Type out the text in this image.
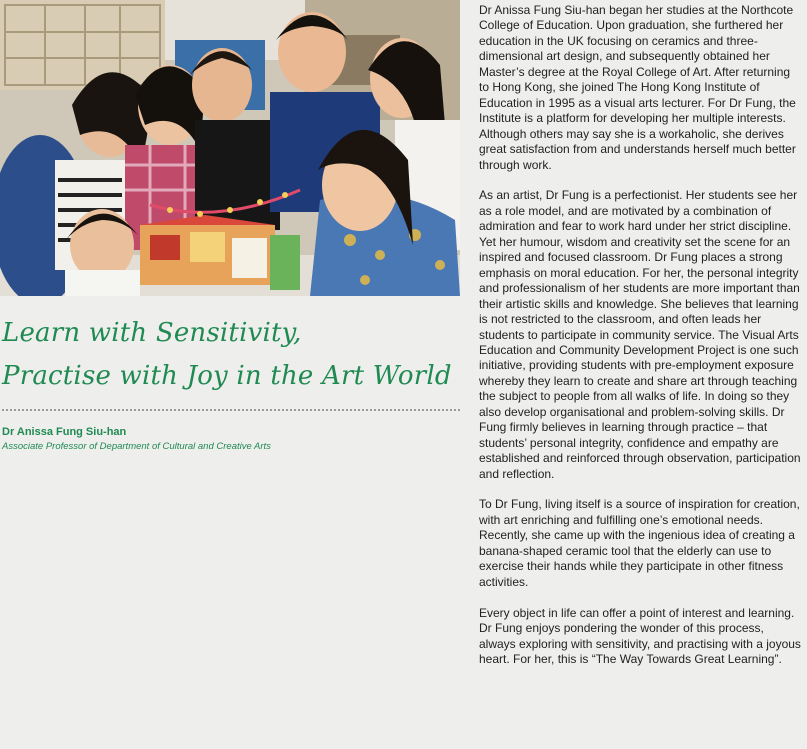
Learn with Sensitivity,
Practise with Joy in the Art World
Dr Anissa Fung Siu-han
Associate Professor of Department of Cultural and Creative Arts

Dr Anissa Fung Siu-han began her studies at the Northcote College of Education. Upon graduation, she furthered her education in the UK focusing on ceramics and three-dimensional art design, and subsequently obtained her Master’s degree at the Royal College of Art. After returning to Hong Kong, she joined The Hong Kong Institute of Education in 1995 as a visual arts lecturer. For Dr Fung, the Institute is a platform for developing her multiple interests. Although others may say she is a workaholic, she derives great satisfaction from and understands herself much better through work.

As an artist, Dr Fung is a perfectionist. Her students see her as a role model, and are motivated by a combination of admiration and fear to work hard under her strict discipline. Yet her humour, wisdom and creativity set the scene for an inspired and focused classroom. Dr Fung places a strong emphasis on moral education. For her, the personal integrity and professionalism of her students are more important than their artistic skills and knowledge. She believes that learning is not restricted to the classroom, and often leads her students to participate in community service. The Visual Arts Education and Community Development Project is one such initiative, providing students with pre-employment exposure whereby they learn to create and share art through teaching the subject to people from all walks of life. In doing so they also develop organisational and problem-solving skills. Dr Fung firmly believes in learning through practice – that students’ personal integrity, confidence and empathy are established and reinforced through observation, participation and reflection.

To Dr Fung, living itself is a source of inspiration for creation, with art enriching and fulfilling one’s emotional needs. Recently, she came up with the ingenious idea of creating a banana-shaped ceramic tool that the elderly can use to exercise their hands while they participate in other fitness activities.

Every object in life can offer a point of interest and learning. Dr Fung enjoys pondering the wonder of this process, always exploring with sensitivity, and practising with a joyous heart. For her, this is “The Way Towards Great Learning”.
